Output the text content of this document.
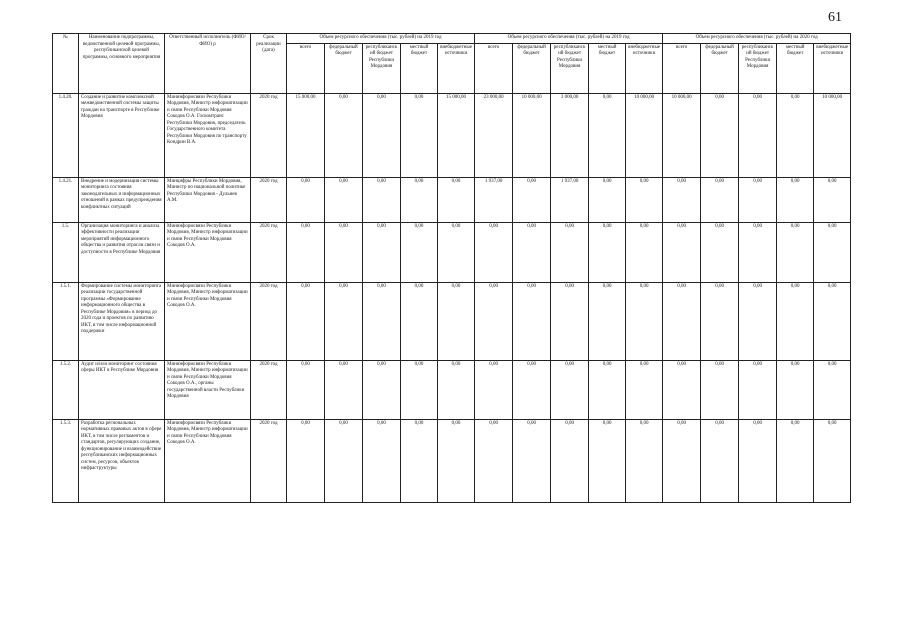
61
№	Наименование подпрограммы, ведомственной целевой программы, республиканской целевой программы, основного мероприятия	Ответственный исполнитель (ФИО/ФИО) р	Срок реализации (дата)	Объем ресурсного обеспечения (тыс. рублей) на 2019 год					Объем ресурсного обеспечения (тыс. рублей) на 2019 год					Объем ресурсного обеспечения (тыс. рублей) на 2020 год				
				всего	федеральный бюджет	республиканский бюджет Республики Мордовия	местный бюджет	внебюджетные источники	всего	федеральный бюджет	республиканский бюджет Республики Мордовия	местный бюджет	внебюджетные источники	всего	федеральный бюджет	республиканский бюджет Республики Мордовия	местный бюджет	внебюджетные источники
1.4.20.	Создание и развитие комплексной межведомственной системы защиты граждан на транспорте в Республике Мордовия	Мининформсвязи Республики Мордовия, Министр информатизации и связи Республики Мордовия Сокодов О.А. Госкомтранс Республики Мордовия, председатель Государственного комитета Республики Мордовия по транспорту Кондрин В.А.	2020 год	15 000,00	0,00	0,00	0,00	15 000,00	23 000,00	10 000,00	3 000,00	0,00	10 000,00	10 000,00	0,00	0,00	0,00	10 000,00
1.4.21.	Внедрение и модернизация системы мониторинга состояния законодательных и информационных отношений в рамках предупреждения конфликтных ситуаций	Минцифры Республики Мордовия, Министр по национальной политике Республики Мордовия - Дульнев А.М.	2020 год	0,00	0,00	0,00	0,00	0,00	1 937,00	0,00	1 937,00	0,00	0,00	0,00	0,00	0,00	0,00	0,00
1.5.	Организация мониторинга и анализа эффективности реализации мероприятий информационного общества и развития отрасли связи и доступности в Республике Мордовия	Мининформсвязи Республики Мордовия, Министр информатизации и связи Республики Мордовия Сокодов О.А.	2020 год	0,00	0,00	0,00	0,00	0,00	0,00	0,00	0,00	0,00	0,00	0,00	0,00	0,00	0,00	0,00
1.5.1.	Формирование системы мониторинга реализации государственной программы «Формирование информационного общества в Республике Мордовия» в период до 2020 года и проектов по развитию ИКТ, в том числе информационной поддержки	Мининформсвязи Республики Мордовия, Министр информатизации и связи Республики Мордовия Сокодов О.А.	2020 год	0,00	0,00	0,00	0,00	0,00	0,00	0,00	0,00	0,00	0,00	0,00	0,00	0,00	0,00	0,00
1.5.2.	Аудит и/или мониторинг состояния сферы ИКТ в Республике Мордовия	Мининформсвязи Республики Мордовия, Министр информатизации и связи Республики Мордовия Сокодов О.А., органы государственной власти Республики Мордовия	2020 год	0,00	0,00	0,00	0,00	0,00	0,00	0,00	0,00	0,00	0,00	0,00	0,00	0,00	0,00	0,00
1.5.3.	Разработка региональных нормативных правовых актов в сфере ИКТ, в том числе регламентов и стандартов, регулирующих создание, функционирование и взаимодействие республиканских информационных систем, ресурсов, объектов инфраструктуры	Мининформсвязи Республики Мордовия, Министр информатизации и связи Республики Мордовия Сокодов О.А.	2020 год	0,00	0,00	0,00	0,00	0,00	0,00	0,00	0,00	0,00	0,00	0,00	0,00	0,00	0,00	0,00
